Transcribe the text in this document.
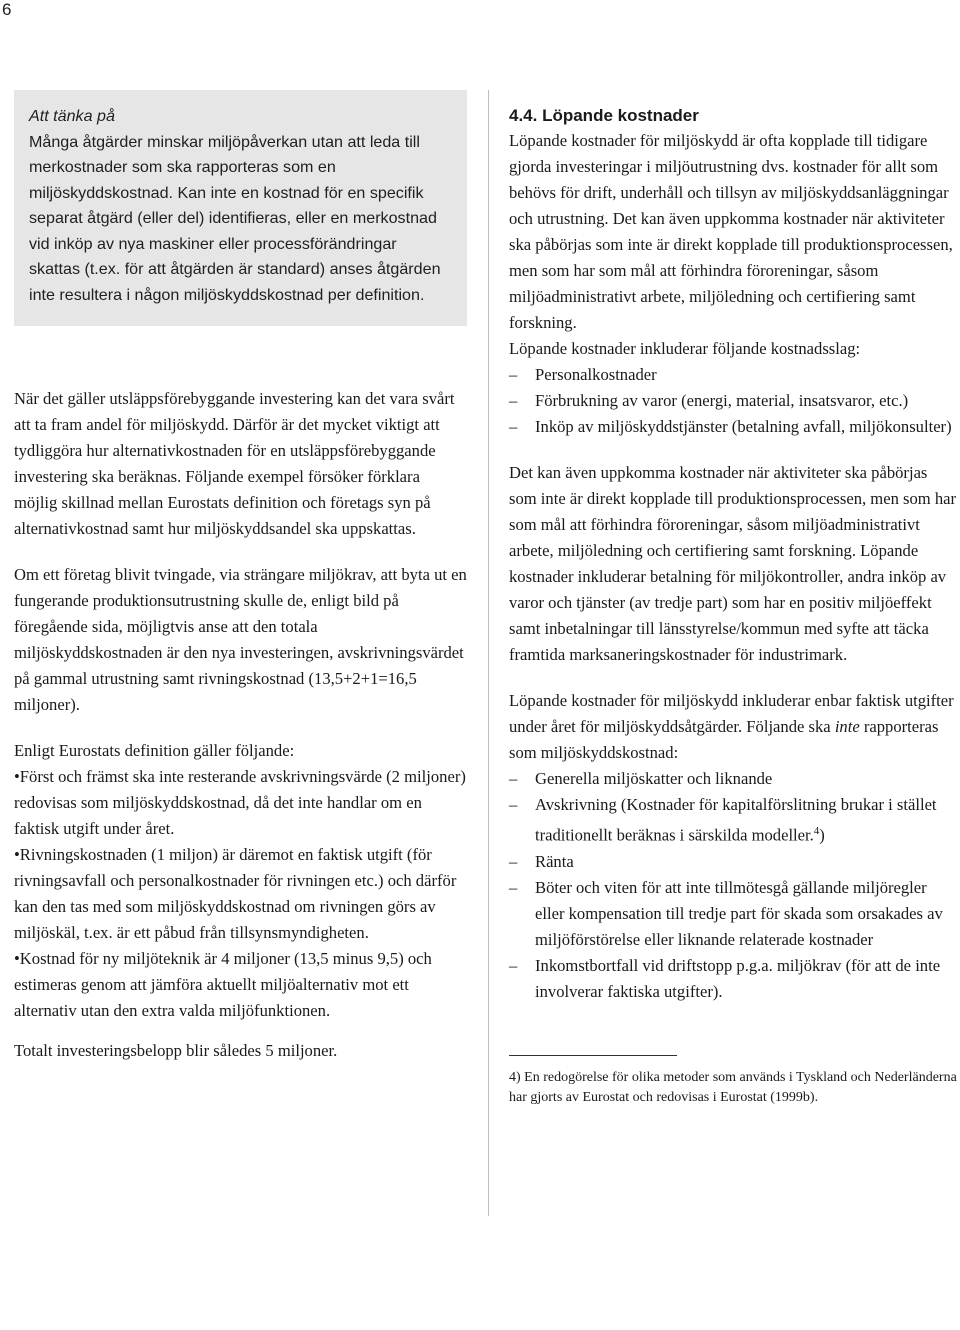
6
Att tänka på
Många åtgärder minskar miljöpåverkan utan att leda till merkostnader som ska rapporteras som en miljöskyddskostnad. Kan inte en kostnad för en specifik separat åtgärd (eller del) identifieras, eller en merkostnad vid inköp av nya maskiner eller processförändringar skattas (t.ex. för att åtgärden är standard) anses åtgärden inte resultera i någon miljöskyddskostnad per definition.

När det gäller utsläppsförebyggande investering kan det vara svårt att ta fram andel för miljöskydd. Därför är det mycket viktigt att tydliggöra hur alternativkostnaden för en utsläppsförebyggande investering ska beräknas. Följande exempel försöker förklara möjlig skillnad mellan Eurostats definition och företags syn på alternativkostnad samt hur miljöskyddsandel ska uppskattas.

Om ett företag blivit tvingade, via strängare miljökrav, att byta ut en fungerande produktionsutrustning skulle de, enligt bild på föregående sida, möjligtvis anse att den totala miljöskyddskostnaden är den nya investeringen, avskrivningsvärdet på gammal utrustning samt rivningskostnad (13,5+2+1=16,5 miljoner).

Enligt Eurostats definition gäller följande:

•Först och främst ska inte resterande avskrivningsvärde (2 miljoner) redovisas som miljöskyddskostnad, då det inte handlar om en faktisk utgift under året.
•Rivningskostnaden (1 miljon) är däremot en faktisk utgift (för rivningsavfall och personalkostnader för rivningen etc.) och därför kan den tas med som miljöskyddskostnad om rivningen görs av miljöskäl, t.ex. är ett påbud från tillsynsmyndigheten.
•Kostnad för ny miljöteknik är 4 miljoner (13,5 minus 9,5) och estimeras genom att jämföra aktuellt miljöalternativ mot ett alternativ utan den extra valda miljöfunktionen.

Totalt investeringsbelopp blir således 5 miljoner.

4.4. Löpande kostnader

Löpande kostnader för miljöskydd är ofta kopplade till tidigare gjorda investeringar i miljöutrustning dvs. kostnader för allt som behövs för drift, underhåll och tillsyn av miljöskyddsanläggningar och utrustning. Det kan även uppkomma kostnader när aktiviteter ska påbörjas som inte är direkt kopplade till produktionsprocessen, men som har som mål att förhindra föroreningar, såsom miljöadministrativt arbete, miljöledning och certifiering samt forskning.

Löpande kostnader inkluderar följande kostnadsslag:

– Personalkostnader
– Förbrukning av varor (energi, material, insatsvaror, etc.)
– Inköp av miljöskyddstjänster (betalning avfall, miljökonsulter)

Det kan även uppkomma kostnader när aktiviteter ska påbörjas som inte är direkt kopplade till produktionsprocessen, men som har som mål att förhindra föroreningar, såsom miljöadministrativt arbete, miljöledning och certifiering samt forskning. Löpande kostnader inkluderar betalning för miljökontroller, andra inköp av varor och tjänster (av tredje part) som har en positiv miljöeffekt samt inbetalningar till länsstyrelse/kommun med syfte att täcka framtida marksaneringskostnader för industrimark.

Löpande kostnader för miljöskydd inkluderar enbar faktisk utgifter under året för miljöskyddsåtgärder. Följande ska inte rapporteras som miljöskyddskostnad:

– Generella miljöskatter och liknande
– Avskrivning (Kostnader för kapitalförslitning brukar i stället traditionellt beräknas i särskilda modeller.$^4$)
– Ränta
– Böter och viten för att inte tillmötesgå gällande miljöregler eller kompensation till tredje part för skada som orsakades av miljöförstörelse eller liknande relaterade kostnader
– Inkomstbortfall vid driftstopp p.g.a. miljökrav (för att de inte involverar faktiska utgifter).
4) En redogörelse för olika metoder som används i Tyskland och Nederländerna har gjorts av Eurostat och redovisas i Eurostat (1999b).
